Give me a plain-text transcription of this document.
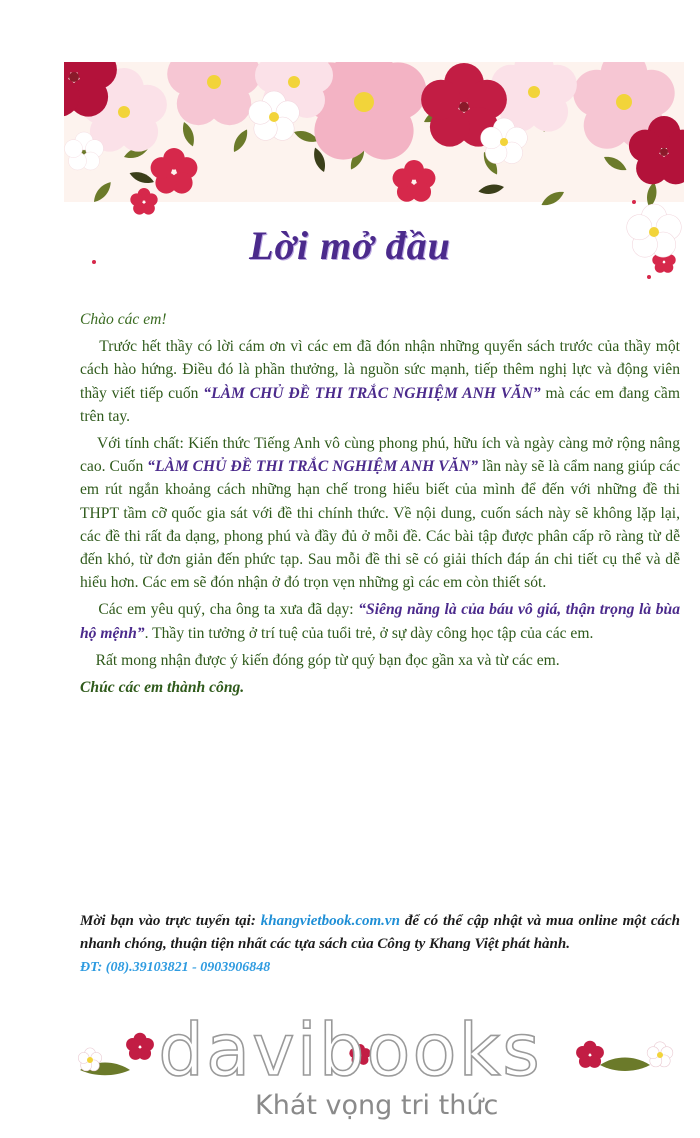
Lời mở đầu

Chào các em!

Trước hết thầy có lời cám ơn vì các em đã đón nhận những quyển sách trước của thầy một cách hào hứng. Điều đó là phần thưởng, là nguồn sức mạnh, tiếp thêm nghị lực và động viên thầy viết tiếp cuốn “LÀM CHỦ ĐỀ THI TRẮC NGHIỆM ANH VĂN” mà các em đang cầm trên tay.

Với tính chất: Kiến thức Tiếng Anh vô cùng phong phú, hữu ích và ngày càng mở rộng nâng cao. Cuốn “LÀM CHỦ ĐỀ THI TRẮC NGHIỆM ANH VĂN” lần này sẽ là cẩm nang giúp các em rút ngắn khoảng cách những hạn chế trong hiểu biết của mình để đến với những đề thi THPT tầm cỡ quốc gia sát với đề thi chính thức. Về nội dung, cuốn sách này sẽ không lặp lại, các đề thi rất đa dạng, phong phú và đầy đủ ở mỗi đề. Các bài tập được phân cấp rõ ràng từ dễ đến khó, từ đơn giản đến phức tạp. Sau mỗi đề thi sẽ có giải thích đáp án chi tiết cụ thể và dễ hiểu hơn. Các em sẽ đón nhận ở đó trọn vẹn những gì các em còn thiết sót.

Các em yêu quý, cha ông ta xưa đã dạy: “Siêng năng là của báu vô giá, thận trọng là bùa hộ mệnh”. Thầy tin tưởng ở trí tuệ của tuổi trẻ, ở sự dày công học tập của các em.

Rất mong nhận được ý kiến đóng góp từ quý bạn đọc gần xa và từ các em.

Chúc các em thành công.

Mời bạn vào trực tuyến tại: khangvietbook.com.vn để có thể cập nhật và mua online một cách nhanh chóng, thuận tiện nhất các tựa sách của Công ty Khang Việt phát hành.
ĐT: (08).39103821 - 0903906848
davibooks
Khát vọng tri thức
